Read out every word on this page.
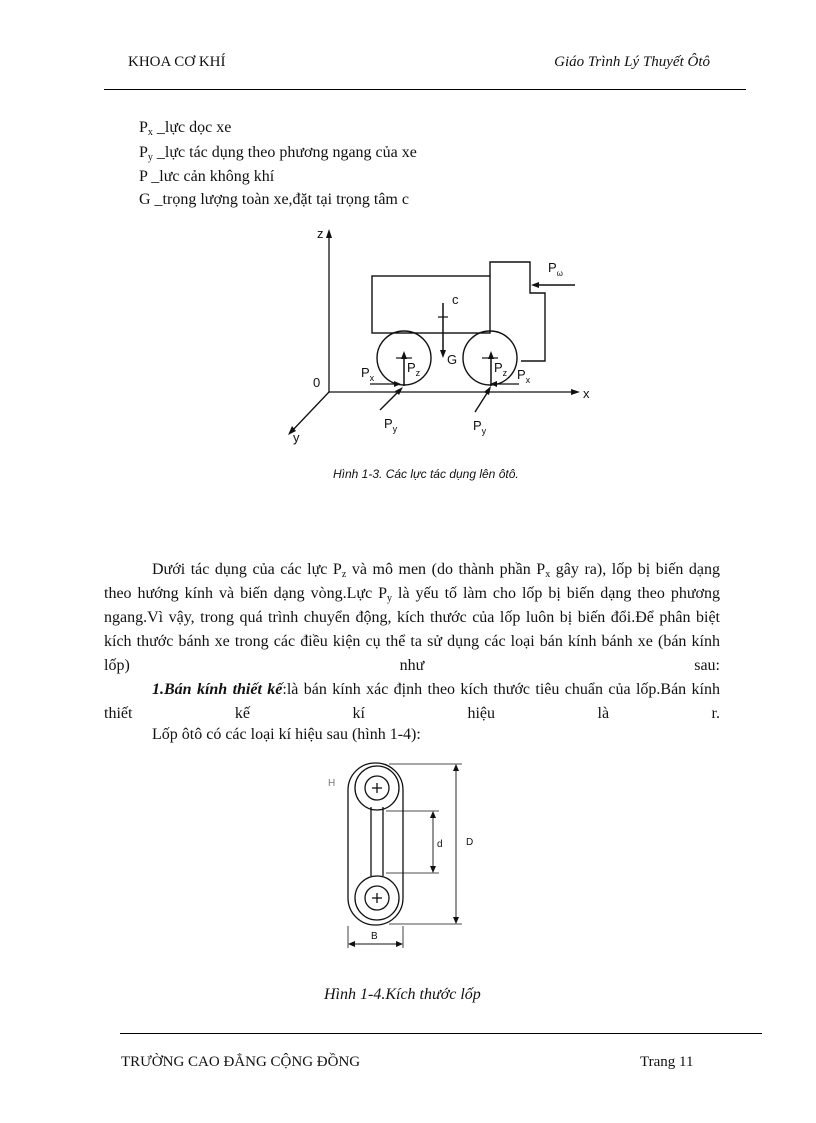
KHOA CƠ KHÍ	Giáo Trình Lý Thuyết Ôtô
$P_x$ _lực dọc xe
$P_y$ _lực tác dụng theo phương ngang của xe
P _lưc cản không khí
G _trọng lượng toàn xe,đặt tại trọng tâm c
z
x
y
0
c
G
$P_x$
$P_z$	$P_z$ $P_x$
$P_y$	$P_y$
$P_\omega$
Hình 1-3. Các lực tác dụng lên ôtô.
H
d D
B
Dưới tác dụng của các lực $P_z$ và mô men (do thành phần $P_x$ gây ra), lốp bị biến dạng theo hướng kính và biến dạng vòng.Lực $P_y$ là yếu tố làm cho lốp bị biến dạng theo phương ngang.Vì vậy, trong quá trình chuyển động, kích thước của lốp luôn bị biến đổi.Để phân biệt kích thước bánh xe trong các điều kiện cụ thể ta sử dụng các loại bán kính bánh xe (bán kính lốp) như sau:
1.Bán kính thiết kế:là bán kính xác định theo kích thước tiêu chuẩn của lốp.Bán kính thiết kế kí hiệu là r.
Lốp ôtô có các loại kí hiệu sau (hình 1-4):
Hình 1-4.Kích thước lốp
TRƯỜNG CAO ĐẲNG CỘNG ĐỒNG	Trang 11
